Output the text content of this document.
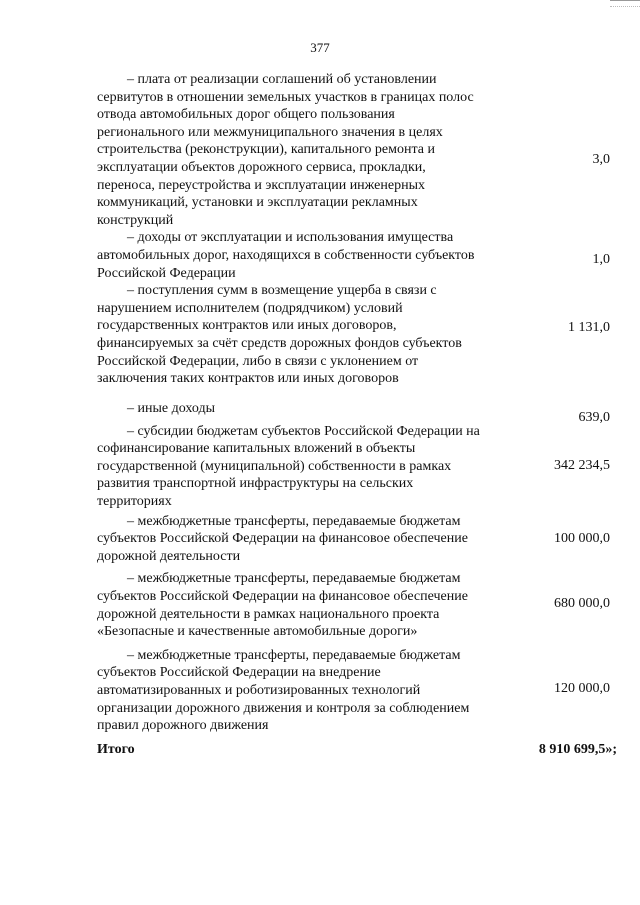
377
– плата от реализации соглашений об установлении
сервитутов в отношении земельных участков в границах полос
отвода автомобильных дорог общего пользования
регионального или межмуниципального значения в целях
строительства (реконструкции), капитального ремонта и
эксплуатации объектов дорожного сервиса, прокладки,
переноса, переустройства и эксплуатации инженерных
коммуникаций, установки и эксплуатации рекламных
конструкций
3,0
– доходы от эксплуатации и использования имущества
автомобильных дорог, находящихся в собственности субъектов
Российской Федерации
1,0
– поступления сумм в возмещение ущерба в связи с
нарушением исполнителем (подрядчиком) условий
государственных контрактов или иных договоров,
финансируемых за счёт средств дорожных фондов субъектов
Российской Федерации, либо в связи с уклонением от
заключения таких контрактов или иных договоров
1 131,0
– иные доходы
639,0
– субсидии бюджетам субъектов Российской Федерации на
софинансирование капитальных вложений в объекты
государственной (муниципальной) собственности в рамках
развития транспортной инфраструктуры на сельских
территориях
342 234,5
– межбюджетные трансферты, передаваемые бюджетам
субъектов Российской Федерации на финансовое обеспечение
дорожной деятельности
100 000,0
– межбюджетные трансферты, передаваемые бюджетам
субъектов Российской Федерации на финансовое обеспечение
дорожной деятельности в рамках национального проекта
«Безопасные и качественные автомобильные дороги»
680 000,0
– межбюджетные трансферты, передаваемые бюджетам
субъектов Российской Федерации на внедрение
автоматизированных и роботизированных технологий
организации дорожного движения и контроля за соблюдением
правил дорожного движения
120 000,0
Итого	8 910 699,5»;
